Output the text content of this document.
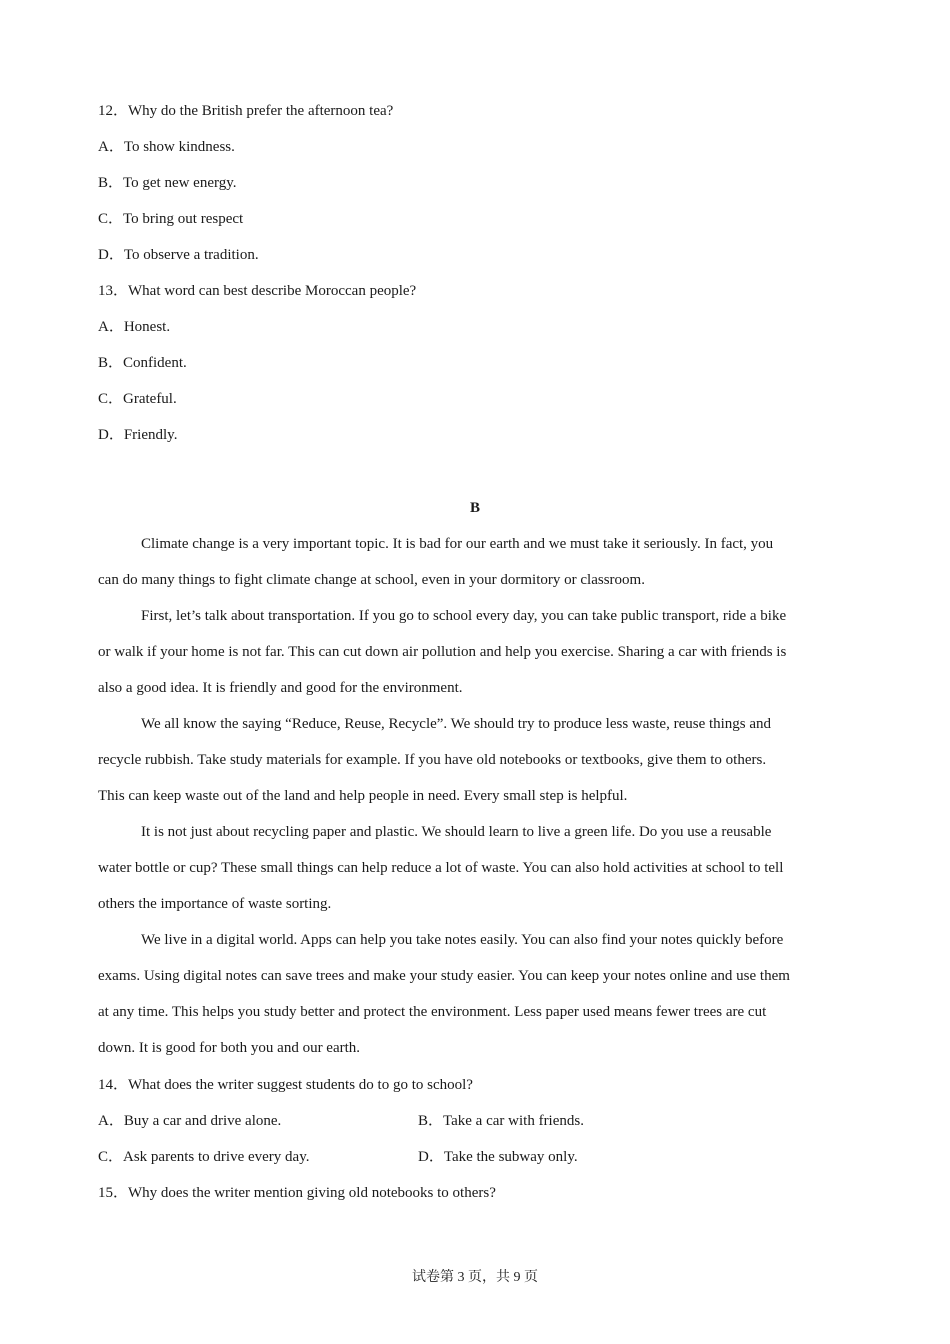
12．Why do the British prefer the afternoon tea?
A．To show kindness.
B．To get new energy.
C．To bring out respect
D．To observe a tradition.
13．What word can best describe Moroccan people?
A．Honest.
B．Confident.
C．Grateful.
D．Friendly.
B
Climate change is a very important topic. It is bad for our earth and we must take it seriously. In fact, you
can do many things to fight climate change at school, even in your dormitory or classroom.
First, let’s talk about transportation. If you go to school every day, you can take public transport, ride a bike
or walk if your home is not far. This can cut down air pollution and help you exercise. Sharing a car with friends is
also a good idea. It is friendly and good for the environment.
We all know the saying “Reduce, Reuse, Recycle”. We should try to produce less waste, reuse things and
recycle rubbish. Take study materials for example. If you have old notebooks or textbooks, give them to others.
This can keep waste out of the land and help people in need. Every small step is helpful.
It is not just about recycling paper and plastic. We should learn to live a green life. Do you use a reusable
water bottle or cup? These small things can help reduce a lot of waste. You can also hold activities at school to tell
others the importance of waste sorting.
We live in a digital world. Apps can help you take notes easily. You can also find your notes quickly before
exams. Using digital notes can save trees and make your study easier. You can keep your notes online and use them
at any time. This helps you study better and protect the environment. Less paper used means fewer trees are cut
down. It is good for both you and our earth.
14．What does the writer suggest students do to go to school?
A．Buy a car and drive alone.	B．Take a car with friends.
C．Ask parents to drive every day.	D．Take the subway only.
15．Why does the writer mention giving old notebooks to others?
试卷第 3 页，共 9 页
